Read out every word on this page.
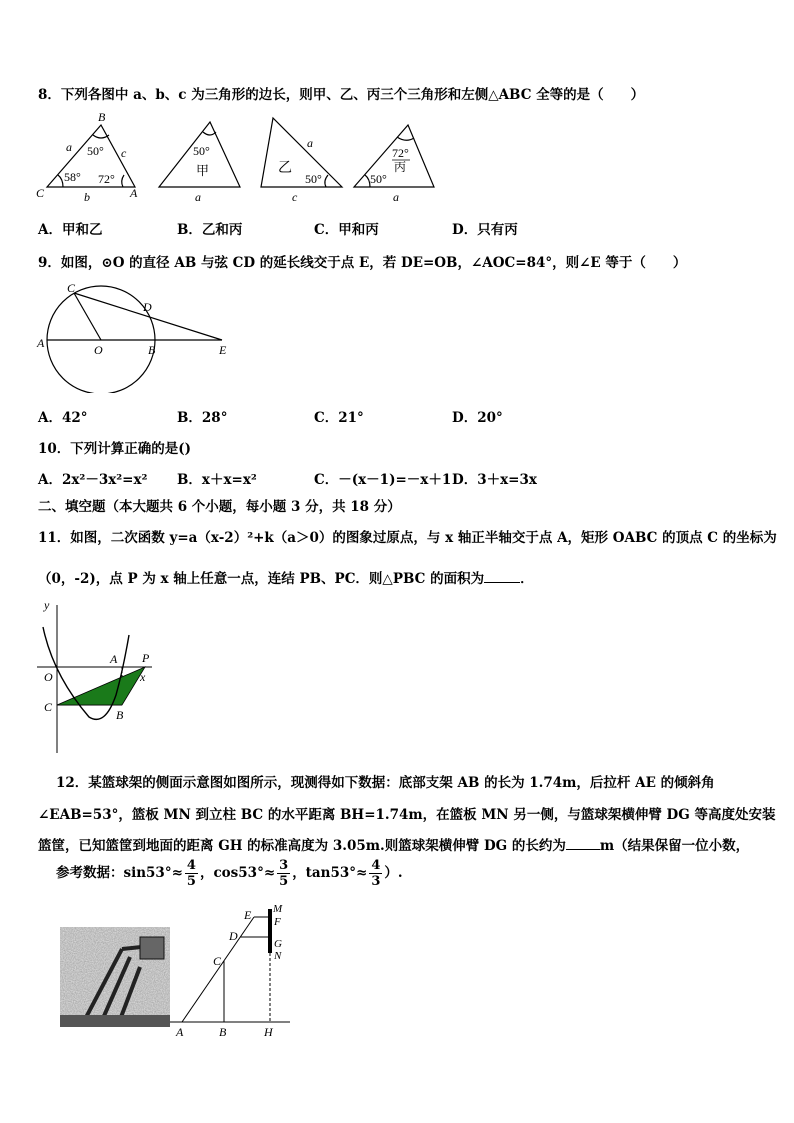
8．下列各图中 a、b、c 为三角形的边长，则甲、乙、丙三个三角形和左侧△ABC 全等的是（　　）
B
C	A
a	c
b
50°
58° 72°
50°
甲
a
a
乙
50°
c
72°
丙
50°
a
A．甲和乙	B．乙和丙	C．甲和丙	D．只有丙
9．如图，⊙O 的直径 AB 与弦 CD 的延长线交于点 E，若 DE=OB，∠AOC=84°，则∠E 等于（　　）
C
D
A	O	B	E
A．42°	B．28°	C．21°	D．20°
10．下列计算正确的是()
A．2x²－3x²=x² B．x＋x=x²	C．－(x－1)=－x＋1 D．3＋x=3x
二、填空题（本大题共 6 个小题，每小题 3 分，共 18 分）
11．如图，二次函数 y=a（x-2）²+k（a＞0）的图象过原点，与 x 轴正半轴交于点 A，矩形 OABC 的顶点 C 的坐标为
（0，-2)，点 P 为 x 轴上任意一点，连结 PB、PC．则△PBC 的面积为	．
y
x
O
A P
C
B
12．某篮球架的侧面示意图如图所示，现测得如下数据：底部支架 AB 的长为 1.74m，后拉杆 AE 的倾斜角
∠EAB=53°，篮板 MN 到立柱 BC 的水平距离 BH=1.74m，在篮板 MN 另一侧，与篮球架横伸臂 DG 等高度处安装
篮筐，已知篮筐到地面的距离 GH 的标准高度为 3.05m.则篮球架横伸臂 DG 的长约为	m（结果保留一位小数，
参考数据：$\sin 53^\circ\approx \frac{4}{5}$ ，$\cos 53^\circ\approx \frac{3}{5}$ ，$\tan 53^\circ\approx \frac{4}{3}$ ）.
E M
F
D
G
N
C
A	B	H
